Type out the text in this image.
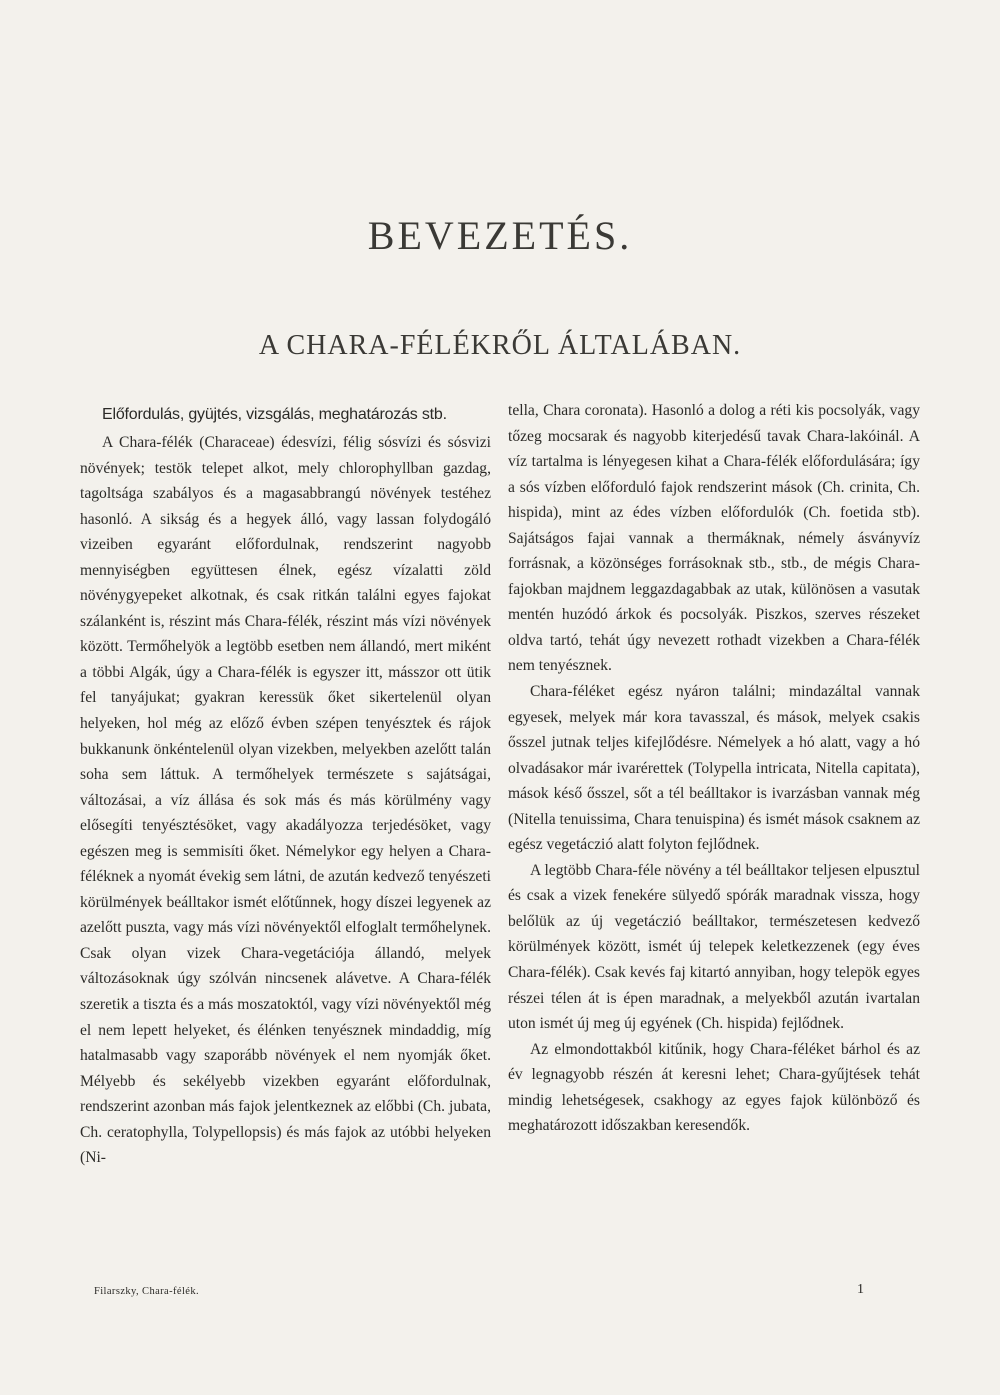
BEVEZETÉS.
A CHARA-FÉLÉKRŐL ÁLTALÁBAN.
Előfordulás, gyüjtés, vizsgálás, meghatározás stb.

A Chara-félék (Characeae) édesvízi, félig sósvízi és sósvizi növények; testök telepet alkot, mely chlorophyllban gazdag, tagoltsága szabályos és a magasabbrangú növények testéhez hasonló. A sikság és a hegyek álló, vagy lassan folydogáló vizeiben egyaránt előfordulnak, rendszerint nagyobb mennyiségben együttesen élnek, egész vízalatti zöld növénygyepeket alkotnak, és csak ritkán találni egyes fajokat szálanként is, részint más Chara-félék, részint más vízi növények között. Termőhelyök a legtöbb esetben nem állandó, mert miként a többi Algák, úgy a Chara-félék is egyszer itt, másszor ott ütik fel tanyájukat; gyakran keressük őket sikertelenül olyan helyeken, hol még az előző évben szépen tenyésztek és rájok bukkanunk önkéntelenül olyan vizekben, melyekben azelőtt talán soha sem láttuk. A termőhelyek természete s sajátságai, változásai, a víz állása és sok más és más körülmény vagy elősegíti tenyésztésöket, vagy akadályozza terjedésöket, vagy egészen meg is semmisíti őket. Némelykor egy helyen a Chara-féléknek a nyomát évekig sem látni, de azután kedvező tenyészeti körülmények beálltakor ismét előtűnnek, hogy díszei legyenek az azelőtt puszta, vagy más vízi növényektől elfoglalt termőhelynek. Csak olyan vizek Chara-vegetációja állandó, melyek változásoknak úgy szólván nincsenek alávetve. A Chara-félék szeretik a tiszta és a más moszatoktól, vagy vízi növényektől még el nem lepett helyeket, és élénken tenyésznek mindaddig, míg hatalmasabb vagy szaporább növények el nem nyomják őket. Mélyebb és sekélyebb vizekben egyaránt előfordulnak, rendszerint azonban más fajok jelentkeznek az előbbi (Ch. jubata, Ch. ceratophylla, Tolypellopsis) és más fajok az utóbbi helyeken (Ni-

tella, Chara coronata). Hasonló a dolog a réti kis pocsolyák, vagy tőzeg mocsarak és nagyobb kiterjedésű tavak Chara-lakóinál. A víz tartalma is lényegesen kihat a Chara-félék előfordulására; így a sós vízben előforduló fajok rendszerint mások (Ch. crinita, Ch. hispida), mint az édes vízben előfordulók (Ch. foetida stb). Sajátságos fajai vannak a thermáknak, némely ásványvíz forrásnak, a közönséges forrásoknak stb., stb., de mégis Chara-fajokban majdnem leggazdagabbak az utak, különösen a vasutak mentén huzódó árkok és pocsolyák. Piszkos, szerves részeket oldva tartó, tehát úgy nevezett rothadt vizekben a Chara-félék nem tenyésznek.

Chara-féléket egész nyáron találni; mindazáltal vannak egyesek, melyek már kora tavasszal, és mások, melyek csakis ősszel jutnak teljes kifejlődésre. Némelyek a hó alatt, vagy a hó olvadásakor már ivarérettek (Tolypella intricata, Nitella capitata), mások késő ősszel, sőt a tél beálltakor is ivarzásban vannak még (Nitella tenuissima, Chara tenuispina) és ismét mások csaknem az egész vegetáczió alatt folyton fejlődnek.

A legtöbb Chara-féle növény a tél beálltakor teljesen elpusztul és csak a vizek fenekére sülyedő spórák maradnak vissza, hogy belőlük az új vegetáczió beálltakor, természetesen kedvező körülmények között, ismét új telepek keletkezzenek (egy éves Chara-félék). Csak kevés faj kitartó annyiban, hogy telepök egyes részei télen át is épen maradnak, a melyekből azután ivartalan uton ismét új meg új egyének (Ch. hispida) fejlődnek.

Az elmondottakból kitűnik, hogy Chara-féléket bárhol és az év legnagyobb részén át keresni lehet; Chara-gyűjtések tehát mindig lehetségesek, csakhogy az egyes fajok különböző és meghatározott időszakban keresendők.

Filarszky, Chara-félék.	1
